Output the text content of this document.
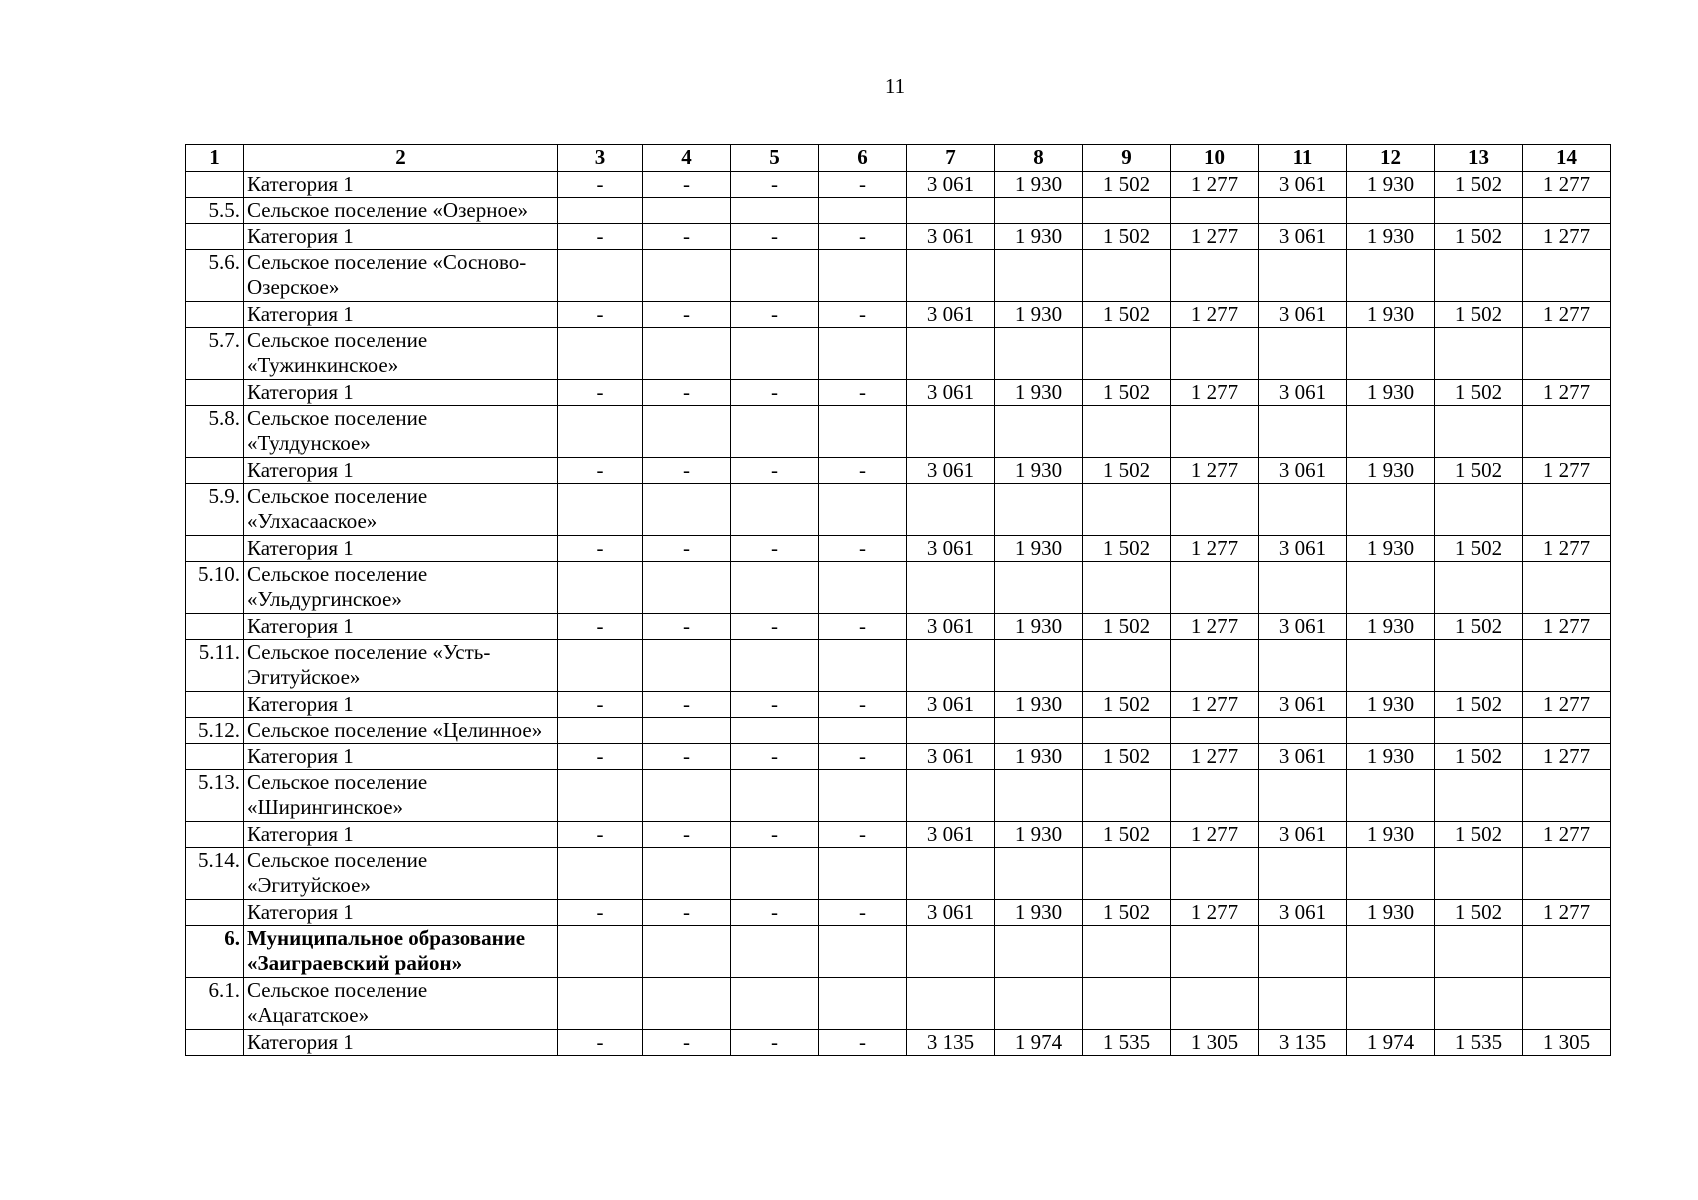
11
1	2	3	4	5	6	7	8	9	10	11	12	13	14
	Категория 1	-	-	-	-	3 061	1 930	1 502	1 277	3 061	1 930	1 502	1 277
5.5.	Сельское поселение «Озерное»												
	Категория 1	-	-	-	-	3 061	1 930	1 502	1 277	3 061	1 930	1 502	1 277
5.6.	Сельское поселение «Сосново-Озерское»												
	Категория 1	-	-	-	-	3 061	1 930	1 502	1 277	3 061	1 930	1 502	1 277
5.7.	Сельское поселение «Тужинкинское»												
	Категория 1	-	-	-	-	3 061	1 930	1 502	1 277	3 061	1 930	1 502	1 277
5.8.	Сельское поселение «Тулдунское»												
	Категория 1	-	-	-	-	3 061	1 930	1 502	1 277	3 061	1 930	1 502	1 277
5.9.	Сельское поселение «Улхасааское»												
	Категория 1	-	-	-	-	3 061	1 930	1 502	1 277	3 061	1 930	1 502	1 277
5.10.	Сельское поселение «Ульдургинское»												
	Категория 1	-	-	-	-	3 061	1 930	1 502	1 277	3 061	1 930	1 502	1 277
5.11.	Сельское поселение «Усть-Эгитуйское»												
	Категория 1	-	-	-	-	3 061	1 930	1 502	1 277	3 061	1 930	1 502	1 277
5.12.	Сельское поселение «Целинное»												
	Категория 1	-	-	-	-	3 061	1 930	1 502	1 277	3 061	1 930	1 502	1 277
5.13.	Сельское поселение «Ширингинское»												
	Категория 1	-	-	-	-	3 061	1 930	1 502	1 277	3 061	1 930	1 502	1 277
5.14.	Сельское поселение «Эгитуйское»												
	Категория 1	-	-	-	-	3 061	1 930	1 502	1 277	3 061	1 930	1 502	1 277
6.	Муниципальное образование «Заиграевский район»												
6.1.	Сельское поселение «Ацагатское»												
	Категория 1	-	-	-	-	3 135	1 974	1 535	1 305	3 135	1 974	1 535	1 305
